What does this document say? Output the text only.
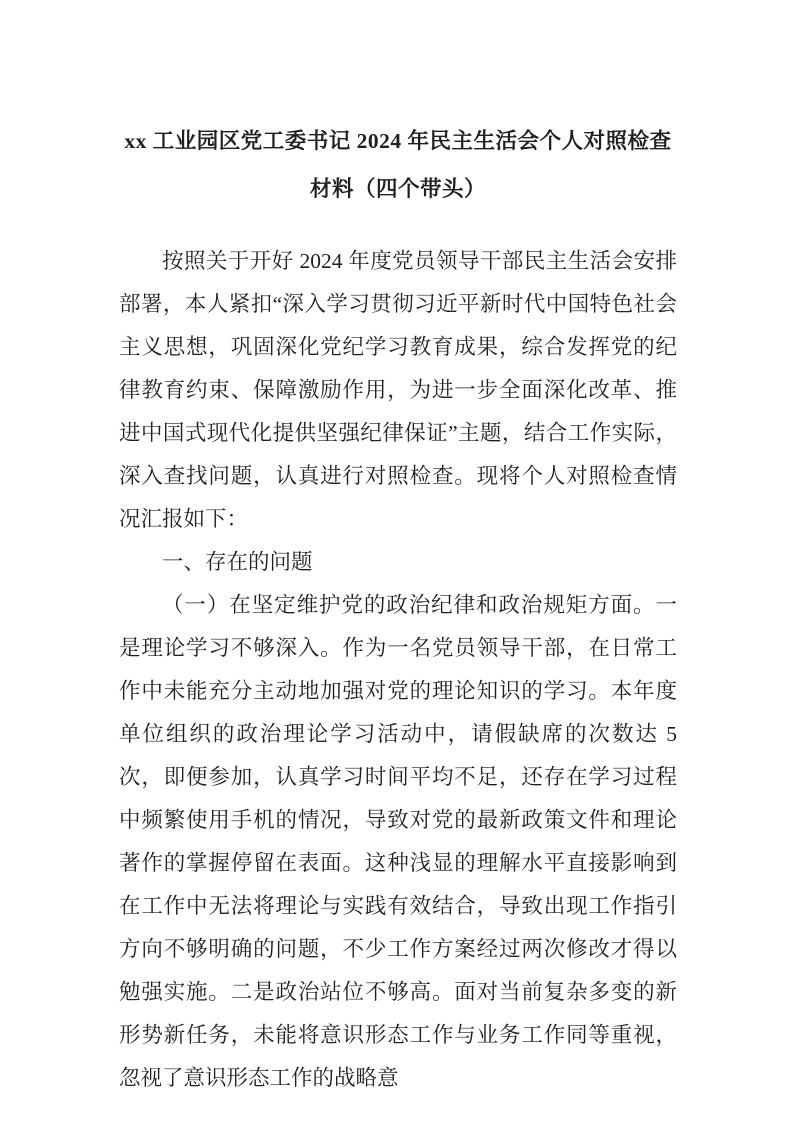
xx 工业园区党工委书记 2024 年民主生活会个人对照检查材料（四个带头）

按照关于开好 2024 年度党员领导干部民主生活会安排部署，本人紧扣“深入学习贯彻习近平新时代中国特色社会主义思想，巩固深化党纪学习教育成果，综合发挥党的纪律教育约束、保障激励作用，为进一步全面深化改革、推进中国式现代化提供坚强纪律保证”主题，结合工作实际，深入查找问题，认真进行对照检查。现将个人对照检查情况汇报如下：

一、存在的问题

（一）在坚定维护党的政治纪律和政治规矩方面。一是理论学习不够深入。作为一名党员领导干部，在日常工作中未能充分主动地加强对党的理论知识的学习。本年度单位组织的政治理论学习活动中，请假缺席的次数达 5 次，即便参加，认真学习时间平均不足，还存在学习过程中频繁使用手机的情况，导致对党的最新政策文件和理论著作的掌握停留在表面。这种浅显的理解水平直接影响到在工作中无法将理论与实践有效结合，导致出现工作指引方向不够明确的问题，不少工作方案经过两次修改才得以勉强实施。二是政治站位不够高。面对当前复杂多变的新形势新任务，未能将意识形态工作与业务工作同等重视，忽视了意识形态工作的战略意
